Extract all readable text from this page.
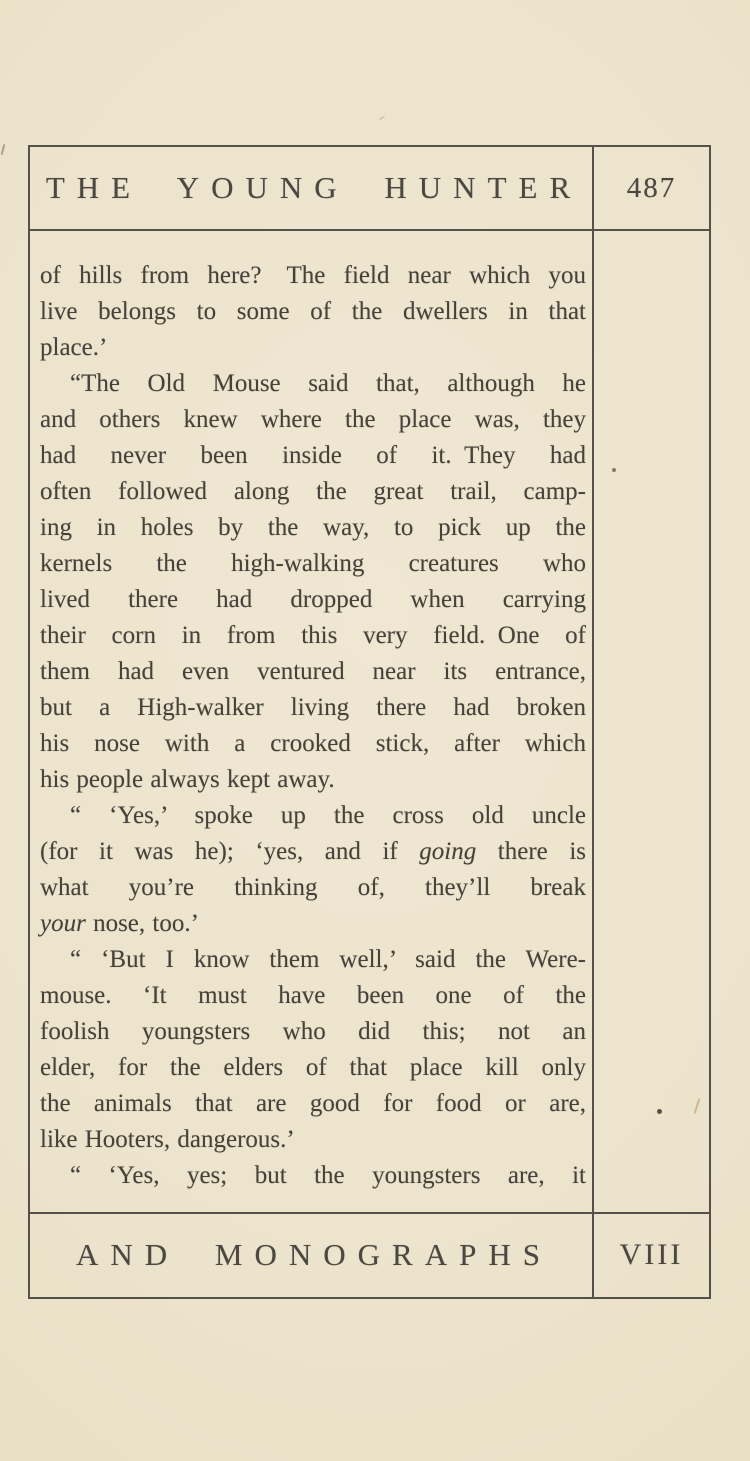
THE YOUNG HUNTER 487
of hills from here?  The field near which you
live belongs to some of the dwellers in that
place.’
“The Old Mouse said that, although he
and others knew where the place was, they
had never been inside of it. They had
often followed along the great trail, camp-
ing in holes by the way, to pick up the
kernels the high-walking creatures who
lived there had dropped when carrying
their corn in from this very field. One of
them had even ventured near its entrance,
but a High-walker living there had broken
his nose with a crooked stick, after which
his people always kept away.
“ ‘Yes,’ spoke up the cross old uncle
(for it was he); ‘yes, and if going there is
what you’re thinking of, they’ll break
your nose, too.’
“ ‘But I know them well,’ said the Were-
mouse. ‘It must have been one of the
foolish youngsters who did this; not an
elder, for the elders of that place kill only
the animals that are good for food or are,
like Hooters, dangerous.’
“ ‘Yes, yes; but the youngsters are, it
AND MONOGRAPHS VIII
